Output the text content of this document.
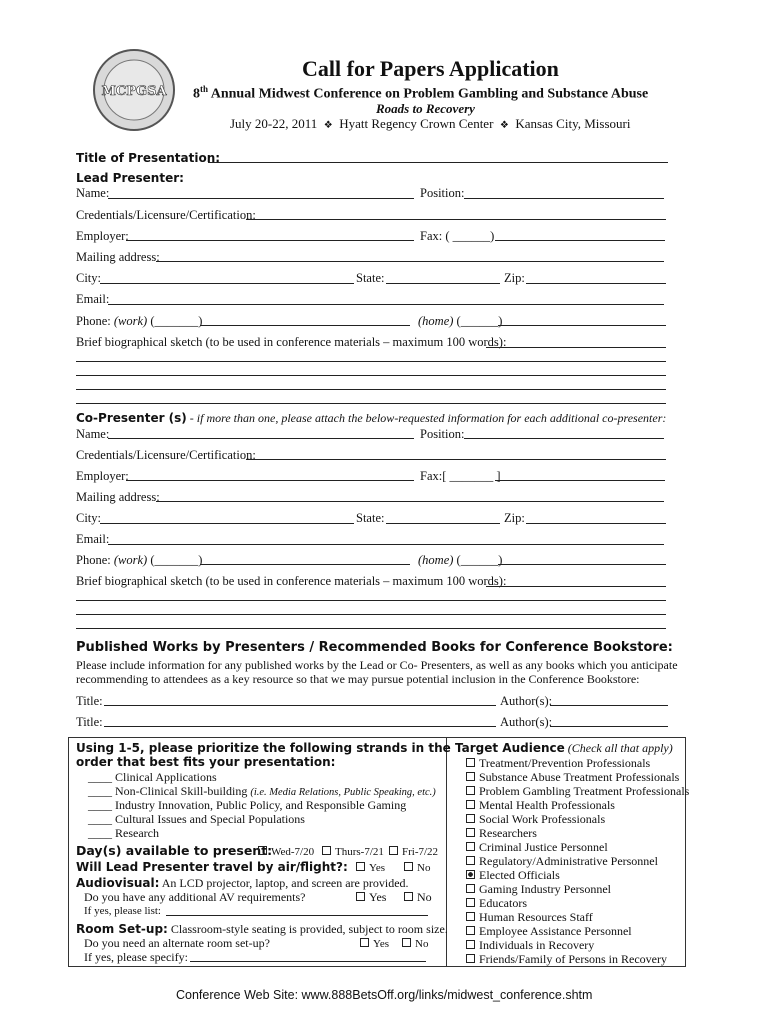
MCPGSA
Call for Papers Application
8th Annual Midwest Conference on Problem Gambling and Substance Abuse
Roads to Recovery
July 20-22, 2011 ❖ Hyatt Regency Crown Center ❖ Kansas City, Missouri
Title of Presentation:
Lead Presenter:
Name:	Position:
Credentials/Licensure/Certification:
Employer:	Fax: ( ______)
Mailing address:
City:	State:	Zip:
Email:
Phone: (work) (_______)	(home) (______)
Brief biographical sketch (to be used in conference materials – maximum 100 words):
Co-Presenter (s) - if more than one, please attach the below-requested information for each additional co-presenter:
Name:	Position:
Credentials/Licensure/Certification:
Employer:	Fax:[ _______ ]
Mailing address:
City:	State:	Zip:
Email:
Phone: (work) (_______)	(home) (______)
Brief biographical sketch (to be used in conference materials – maximum 100 words):
Published Works by Presenters / Recommended Books for Conference Bookstore:
Please include information for any published works by the Lead or Co- Presenters, as well as any books which you anticipate
recommending to attendees as a key resource so that we may pursue potential inclusion in the Conference Bookstore:
Title:	Author(s):
Title:	Author(s):
Using 1-5, please prioritize the following strands in the
order that best fits your presentation:
____ Clinical Applications
____ Non-Clinical Skill-building (i.e. Media Relations, Public Speaking, etc.)
____ Industry Innovation, Public Policy, and Responsible Gaming
____ Cultural Issues and Special Populations
____ Research
Day(s) available to present:
Wed-7/20	Thurs-7/21	Fri-7/22
Will Lead Presenter travel by air/flight?:	Yes	No
Audiovisual: An LCD projector, laptop, and screen are provided.
Do you have any additional AV requirements?	Yes	No
If yes, please list:
Room Set-up: Classroom-style seating is provided, subject to room size.
Do you need an alternate room set-up?	Yes	No
If yes, please specify:
Target Audience (Check all that apply)
Treatment/Prevention Professionals
Substance Abuse Treatment Professionals
Problem Gambling Treatment Professionals
Mental Health Professionals
Social Work Professionals
Researchers
Criminal Justice Personnel
Regulatory/Administrative Personnel
Elected Officials
Gaming Industry Personnel
Educators
Human Resources Staff
Employee Assistance Personnel
Individuals in Recovery
Friends/Family of Persons in Recovery
Conference Web Site: www.888BetsOff.org/links/midwest_conference.shtm
